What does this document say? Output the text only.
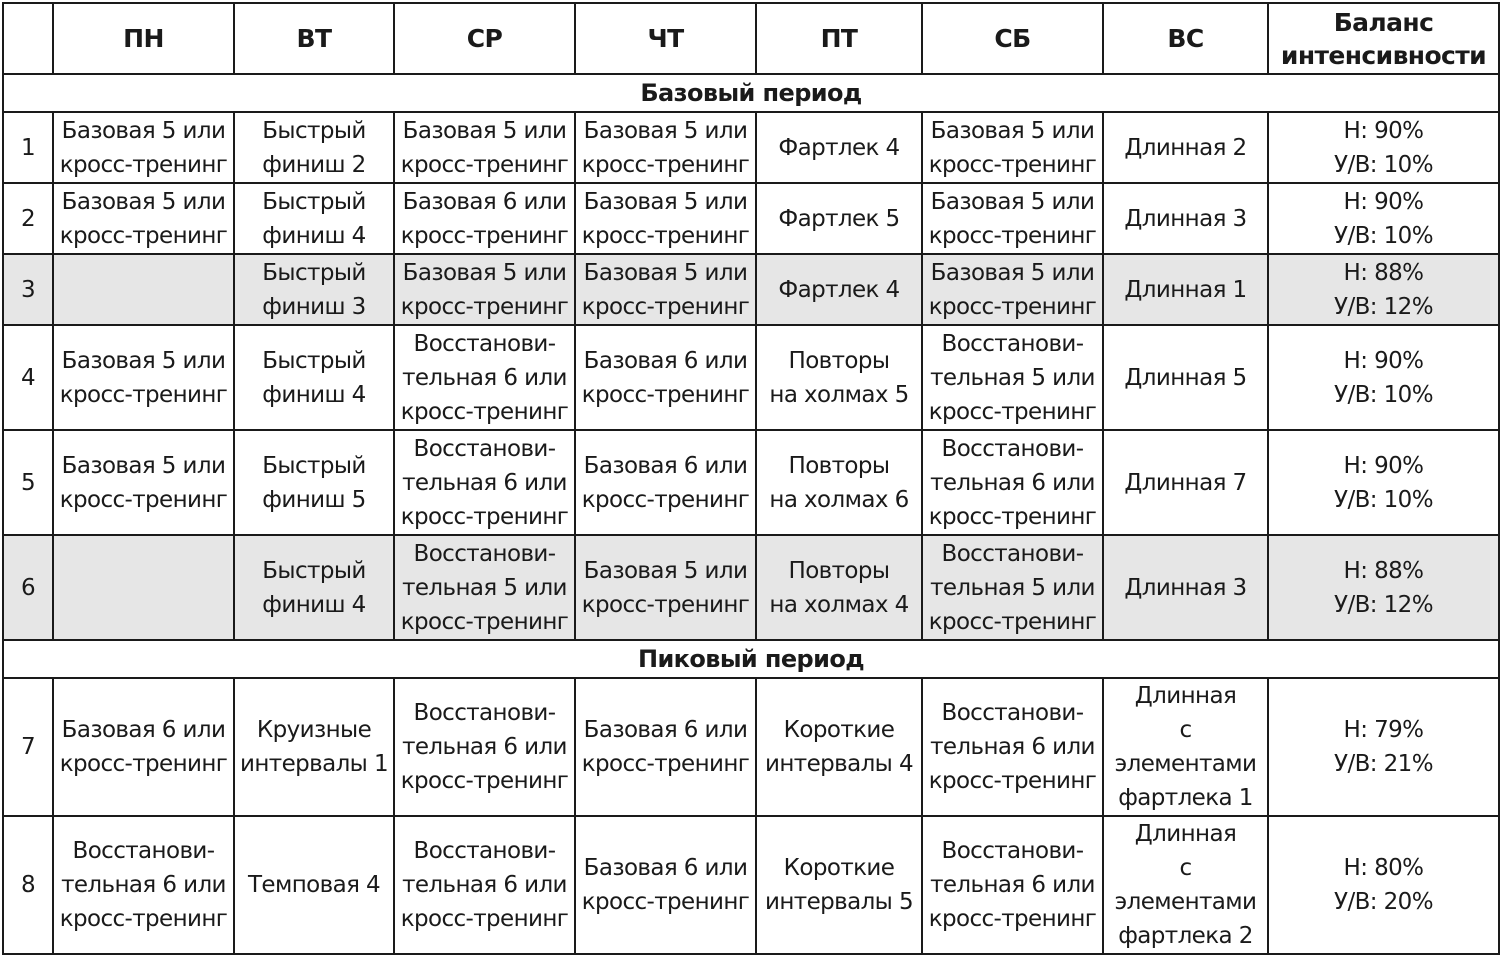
	ПН	ВТ	СР	ЧТ	ПТ	СБ	ВС	Баланс
интенсивности

Базовый период								
1	Базовая 5 или
кросс-тренинг	Быстрый
финиш 2	Базовая 5 или
кросс-тренинг	Базовая 5 или
кросс-тренинг	Фартлек 4	Базовая 5 или
кросс-тренинг	Длинная 2	Н: 90%
У/В: 10%

2	Базовая 5 или
кросс-тренинг	Быстрый
финиш 4	Базовая 6 или
кросс-тренинг	Базовая 5 или
кросс-тренинг	Фартлек 5	Базовая 5 или
кросс-тренинг	Длинная 3	Н: 90%
У/В: 10%

3		Быстрый
финиш 3	Базовая 5 или
кросс-тренинг	Базовая 5 или
кросс-тренинг	Фартлек 4	Базовая 5 или
кросс-тренинг	Длинная 1	Н: 88%
У/В: 12%

4	Базовая 5 или
кросс-тренинг	Быстрый
финиш 4	Восстанови-
тельная 6 или
кросс-тренинг	Базовая 6 или
кросс-тренинг	Повторы
на холмах 5	Восстанови-
тельная 5 или
кросс-тренинг	Длинная 5	Н: 90%
У/В: 10%

5	Базовая 5 или
кросс-тренинг	Быстрый
финиш 5	Восстанови-
тельная 6 или
кросс-тренинг	Базовая 6 или
кросс-тренинг	Повторы
на холмах 6	Восстанови-
тельная 6 или
кросс-тренинг	Длинная 7	Н: 90%
У/В: 10%

6		Быстрый
финиш 4	Восстанови-
тельная 5 или
кросс-тренинг	Базовая 5 или
кросс-тренинг	Повторы
на холмах 4	Восстанови-
тельная 5 или
кросс-тренинг	Длинная 3	Н: 88%
У/В: 12%

Пиковый период								
7	Базовая 6 или
кросс-тренинг	Круизные
интервалы 1	Восстанови-
тельная 6 или
кросс-тренинг	Базовая 6 или
кросс-тренинг	Короткие
интервалы 4	Восстанови-
тельная 6 или
кросс-тренинг	Длинная
с элементами
фартлека 1	Н: 79%
У/В: 21%

8	Восстанови-
тельная 6 или
кросс-тренинг	Темповая 4	Восстанови-
тельная 6 или
кросс-тренинг	Базовая 6 или
кросс-тренинг	Короткие
интервалы 5	Восстанови-
тельная 6 или
кросс-тренинг	Длинная
с элементами
фартлека 2	Н: 80%
У/В: 20%
